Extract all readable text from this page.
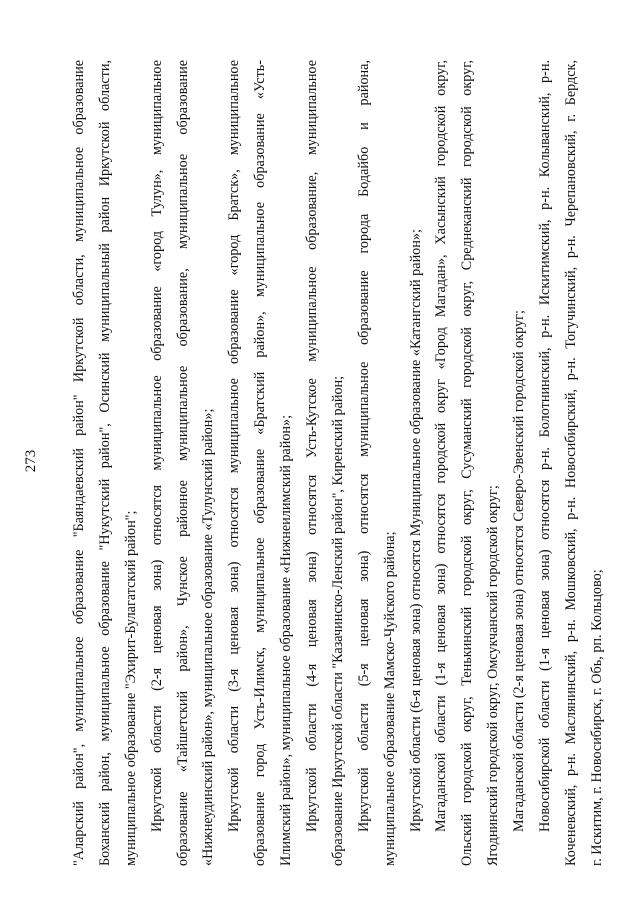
273 "Аларский район", муниципальное образование "Баяндаевский район" Иркутской области, муниципальное образование Боханский район, муниципальное образование "Нукутский район", Осинский муниципальный район Иркутской области, муниципальное образование "Эхирит-Булагатский район"; Иркутской области (2-я ценовая зона) относятся муниципальное образование «город Тулун», муниципальное образование «Тайшетский район», Чунское районное муниципальное образование, муниципальное образование «Нижнеудинский район», муниципальное образование «Тулунский район»; Иркутской области (3-я ценовая зона) относятся муниципальное образование «город Братск», муниципальное образование город Усть-Илимск, муниципальное образование «Братский район», муниципальное образование «Усть- Илимский район», муниципальное образование «Нижнеилимский район»; Иркутской области (4-я ценовая зона) относятся Усть-Кутское муниципальное образование, муниципальное образование Иркутской области "Казачинско-Ленский район", Киренский район; Иркутской области (5-я ценовая зона) относятся муниципальное образование города Бодайбо и района, муниципальное образование Мамско-Чуйского района; Иркутской области (6-я ценовая зона) относятся Муниципальное образование «Катангский район»; Магаданской области (1-я ценовая зона) относятся городской округ «Город Магадан», Хасынский городской округ, Ольский городской округ, Тенькинский городской округ, Сусуманский городской округ, Среднеканский городской округ, Ягоднинский городской округ, Омсукчанский городской округ; Магаданской области (2-я ценовая зона) относятся Северо-Эвенский городской округ; Новосибирской области (1-я ценовая зона) относятся р-н. Болотнинский, р-н. Искитимский, р-н. Колыванский, р-н. Коченевский, р-н. Маслянинский, р-н. Мошковский, р-н. Новосибирский, р-н. Тогучинский, р-н. Черепановский, г. Бердск, г. Искитим, г. Новосибирск, г. Обь, рп. Кольцово;
